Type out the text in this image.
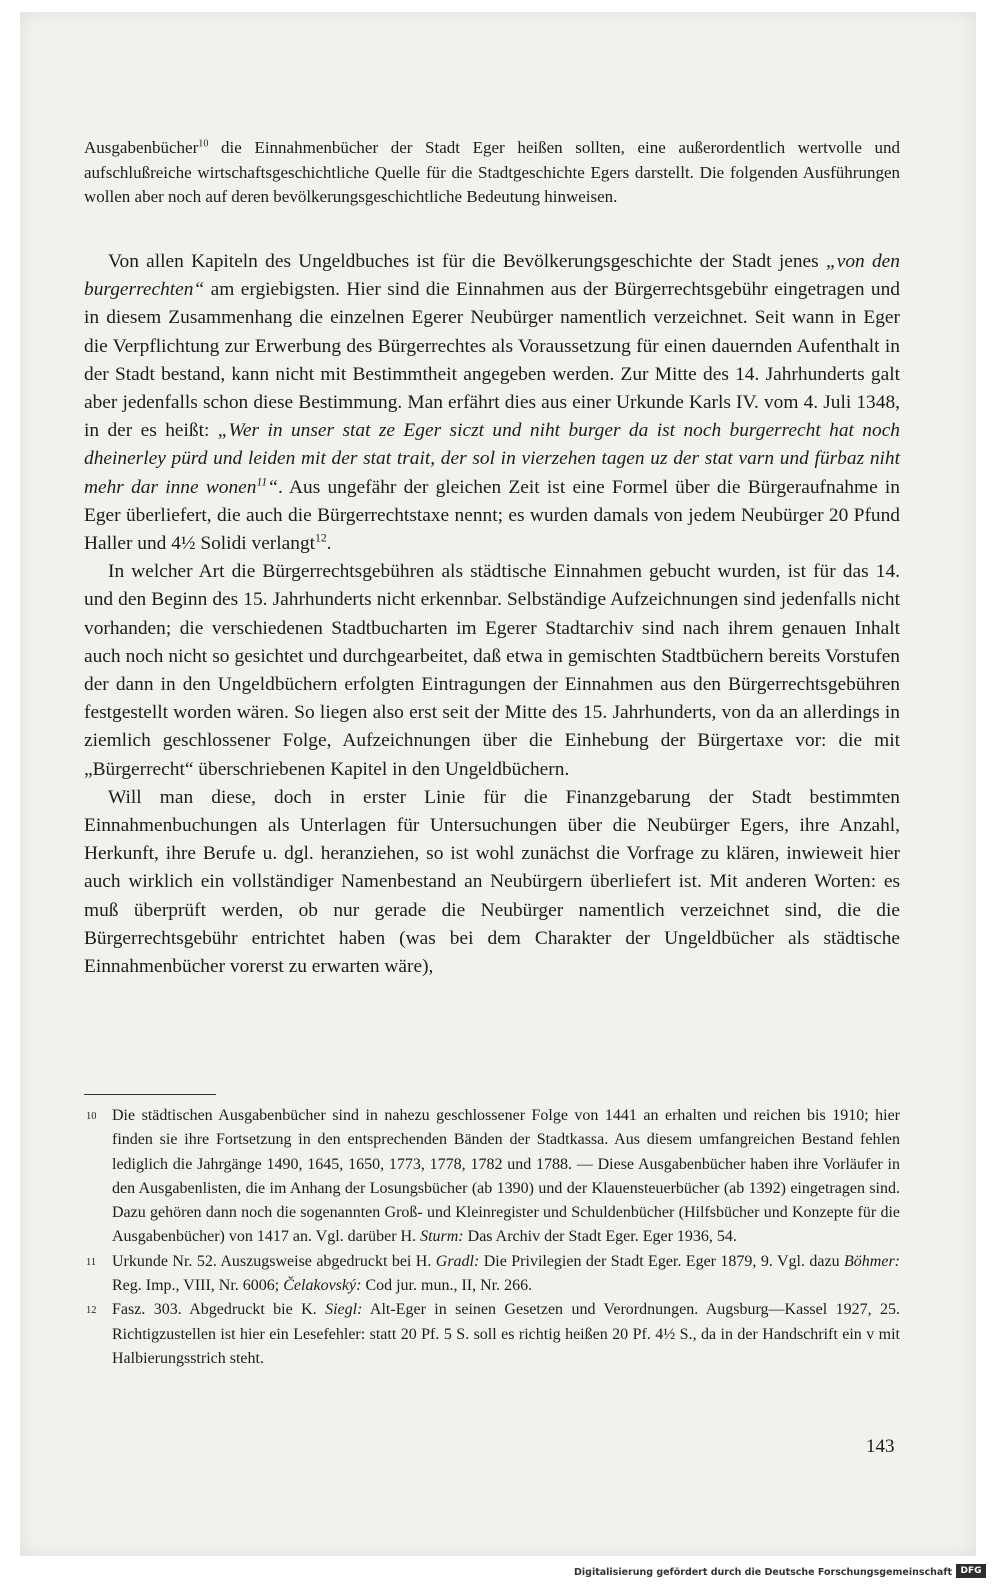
Ausgabenbücher$^{10}$ die Einnahmenbücher der Stadt Eger heißen sollten, eine außerordentlich wertvolle und aufschlußreiche wirtschaftsgeschichtliche Quelle für die Stadtgeschichte Egers darstellt. Die folgenden Ausführungen wollen aber noch auf deren bevölkerungsgeschichtliche Bedeutung hinweisen.

Von allen Kapiteln des Ungeldbuches ist für die Bevölkerungsgeschichte der Stadt jenes „von den burgerrechten“ am ergiebigsten. Hier sind die Einnahmen aus der Bürgerrechtsgebühr eingetragen und in diesem Zusammenhang die einzelnen Egerer Neubürger namentlich verzeichnet. Seit wann in Eger die Verpflichtung zur Erwerbung des Bürgerrechtes als Voraussetzung für einen dauernden Aufenthalt in der Stadt bestand, kann nicht mit Bestimmtheit angegeben werden. Zur Mitte des 14. Jahrhunderts galt aber jedenfalls schon diese Bestimmung. Man erfährt dies aus einer Urkunde Karls IV. vom 4. Juli 1348, in der es heißt: „Wer in unser stat ze Eger siczt und niht burger da ist noch burgerrecht hat noch dheinerley pürd und leiden mit der stat trait, der sol in vierzehen tagen uz der stat varn und fürbaz niht mehr dar inne wonen$^{11}$“. Aus ungefähr der gleichen Zeit ist eine Formel über die Bürgeraufnahme in Eger überliefert, die auch die Bürgerrechtstaxe nennt; es wurden damals von jedem Neubürger 20 Pfund Haller und 4½ Solidi verlangt$^{12}$.

In welcher Art die Bürgerrechtsgebühren als städtische Einnahmen gebucht wurden, ist für das 14. und den Beginn des 15. Jahrhunderts nicht erkennbar. Selbständige Aufzeichnungen sind jedenfalls nicht vorhanden; die verschiedenen Stadtbucharten im Egerer Stadtarchiv sind nach ihrem genauen Inhalt auch noch nicht so gesichtet und durchgearbeitet, daß etwa in gemischten Stadtbüchern bereits Vorstufen der dann in den Ungeldbüchern erfolgten Eintragungen der Einnahmen aus den Bürgerrechtsgebühren festgestellt worden wären. So liegen also erst seit der Mitte des 15. Jahrhunderts, von da an allerdings in ziemlich geschlossener Folge, Aufzeichnungen über die Einhebung der Bürgertaxe vor: die mit „Bürgerrecht“ überschriebenen Kapitel in den Ungeldbüchern.

Will man diese, doch in erster Linie für die Finanzgebarung der Stadt bestimmten Einnahmenbuchungen als Unterlagen für Untersuchungen über die Neubürger Egers, ihre Anzahl, Herkunft, ihre Berufe u. dgl. heranziehen, so ist wohl zunächst die Vorfrage zu klären, inwieweit hier auch wirklich ein vollständiger Namenbestand an Neubürgern überliefert ist. Mit anderen Worten: es muß überprüft werden, ob nur gerade die Neubürger namentlich verzeichnet sind, die die Bürgerrechtsgebühr entrichtet haben (was bei dem Charakter der Ungeldbücher als städtische Einnahmenbücher vorerst zu erwarten wäre),

10 Die städtischen Ausgabenbücher sind in nahezu geschlossener Folge von 1441 an erhalten und reichen bis 1910; hier finden sie ihre Fortsetzung in den entsprechenden Bänden der Stadtkassa. Aus diesem umfangreichen Bestand fehlen lediglich die Jahrgänge 1490, 1645, 1650, 1773, 1778, 1782 und 1788. — Diese Ausgabenbücher haben ihre Vorläufer in den Ausgabenlisten, die im Anhang der Losungsbücher (ab 1390) und der Klauensteuerbücher (ab 1392) eingetragen sind. Dazu gehören dann noch die sogenannten Groß- und Kleinregister und Schuldenbücher (Hilfsbücher und Konzepte für die Ausgabenbücher) von 1417 an. Vgl. darüber H. Sturm: Das Archiv der Stadt Eger. Eger 1936, 54.
11 Urkunde Nr. 52. Auszugsweise abgedruckt bei H. Gradl: Die Privilegien der Stadt Eger. Eger 1879, 9. Vgl. dazu Böhmer: Reg. Imp., VIII, Nr. 6006; Čelakovský: Cod jur. mun., II, Nr. 266.
12 Fasz. 303. Abgedruckt bie K. Siegl: Alt-Eger in seinen Gesetzen und Verordnungen. Augsburg—Kassel 1927, 25. Richtigzustellen ist hier ein Lesefehler: statt 20 Pf. 5 S. soll es richtig heißen 20 Pf. 4½ S., da in der Handschrift ein v mit Halbierungsstrich steht.
143
Digitalisierung gefördert durch die Deutsche Forschungsgemeinschaft DFG
